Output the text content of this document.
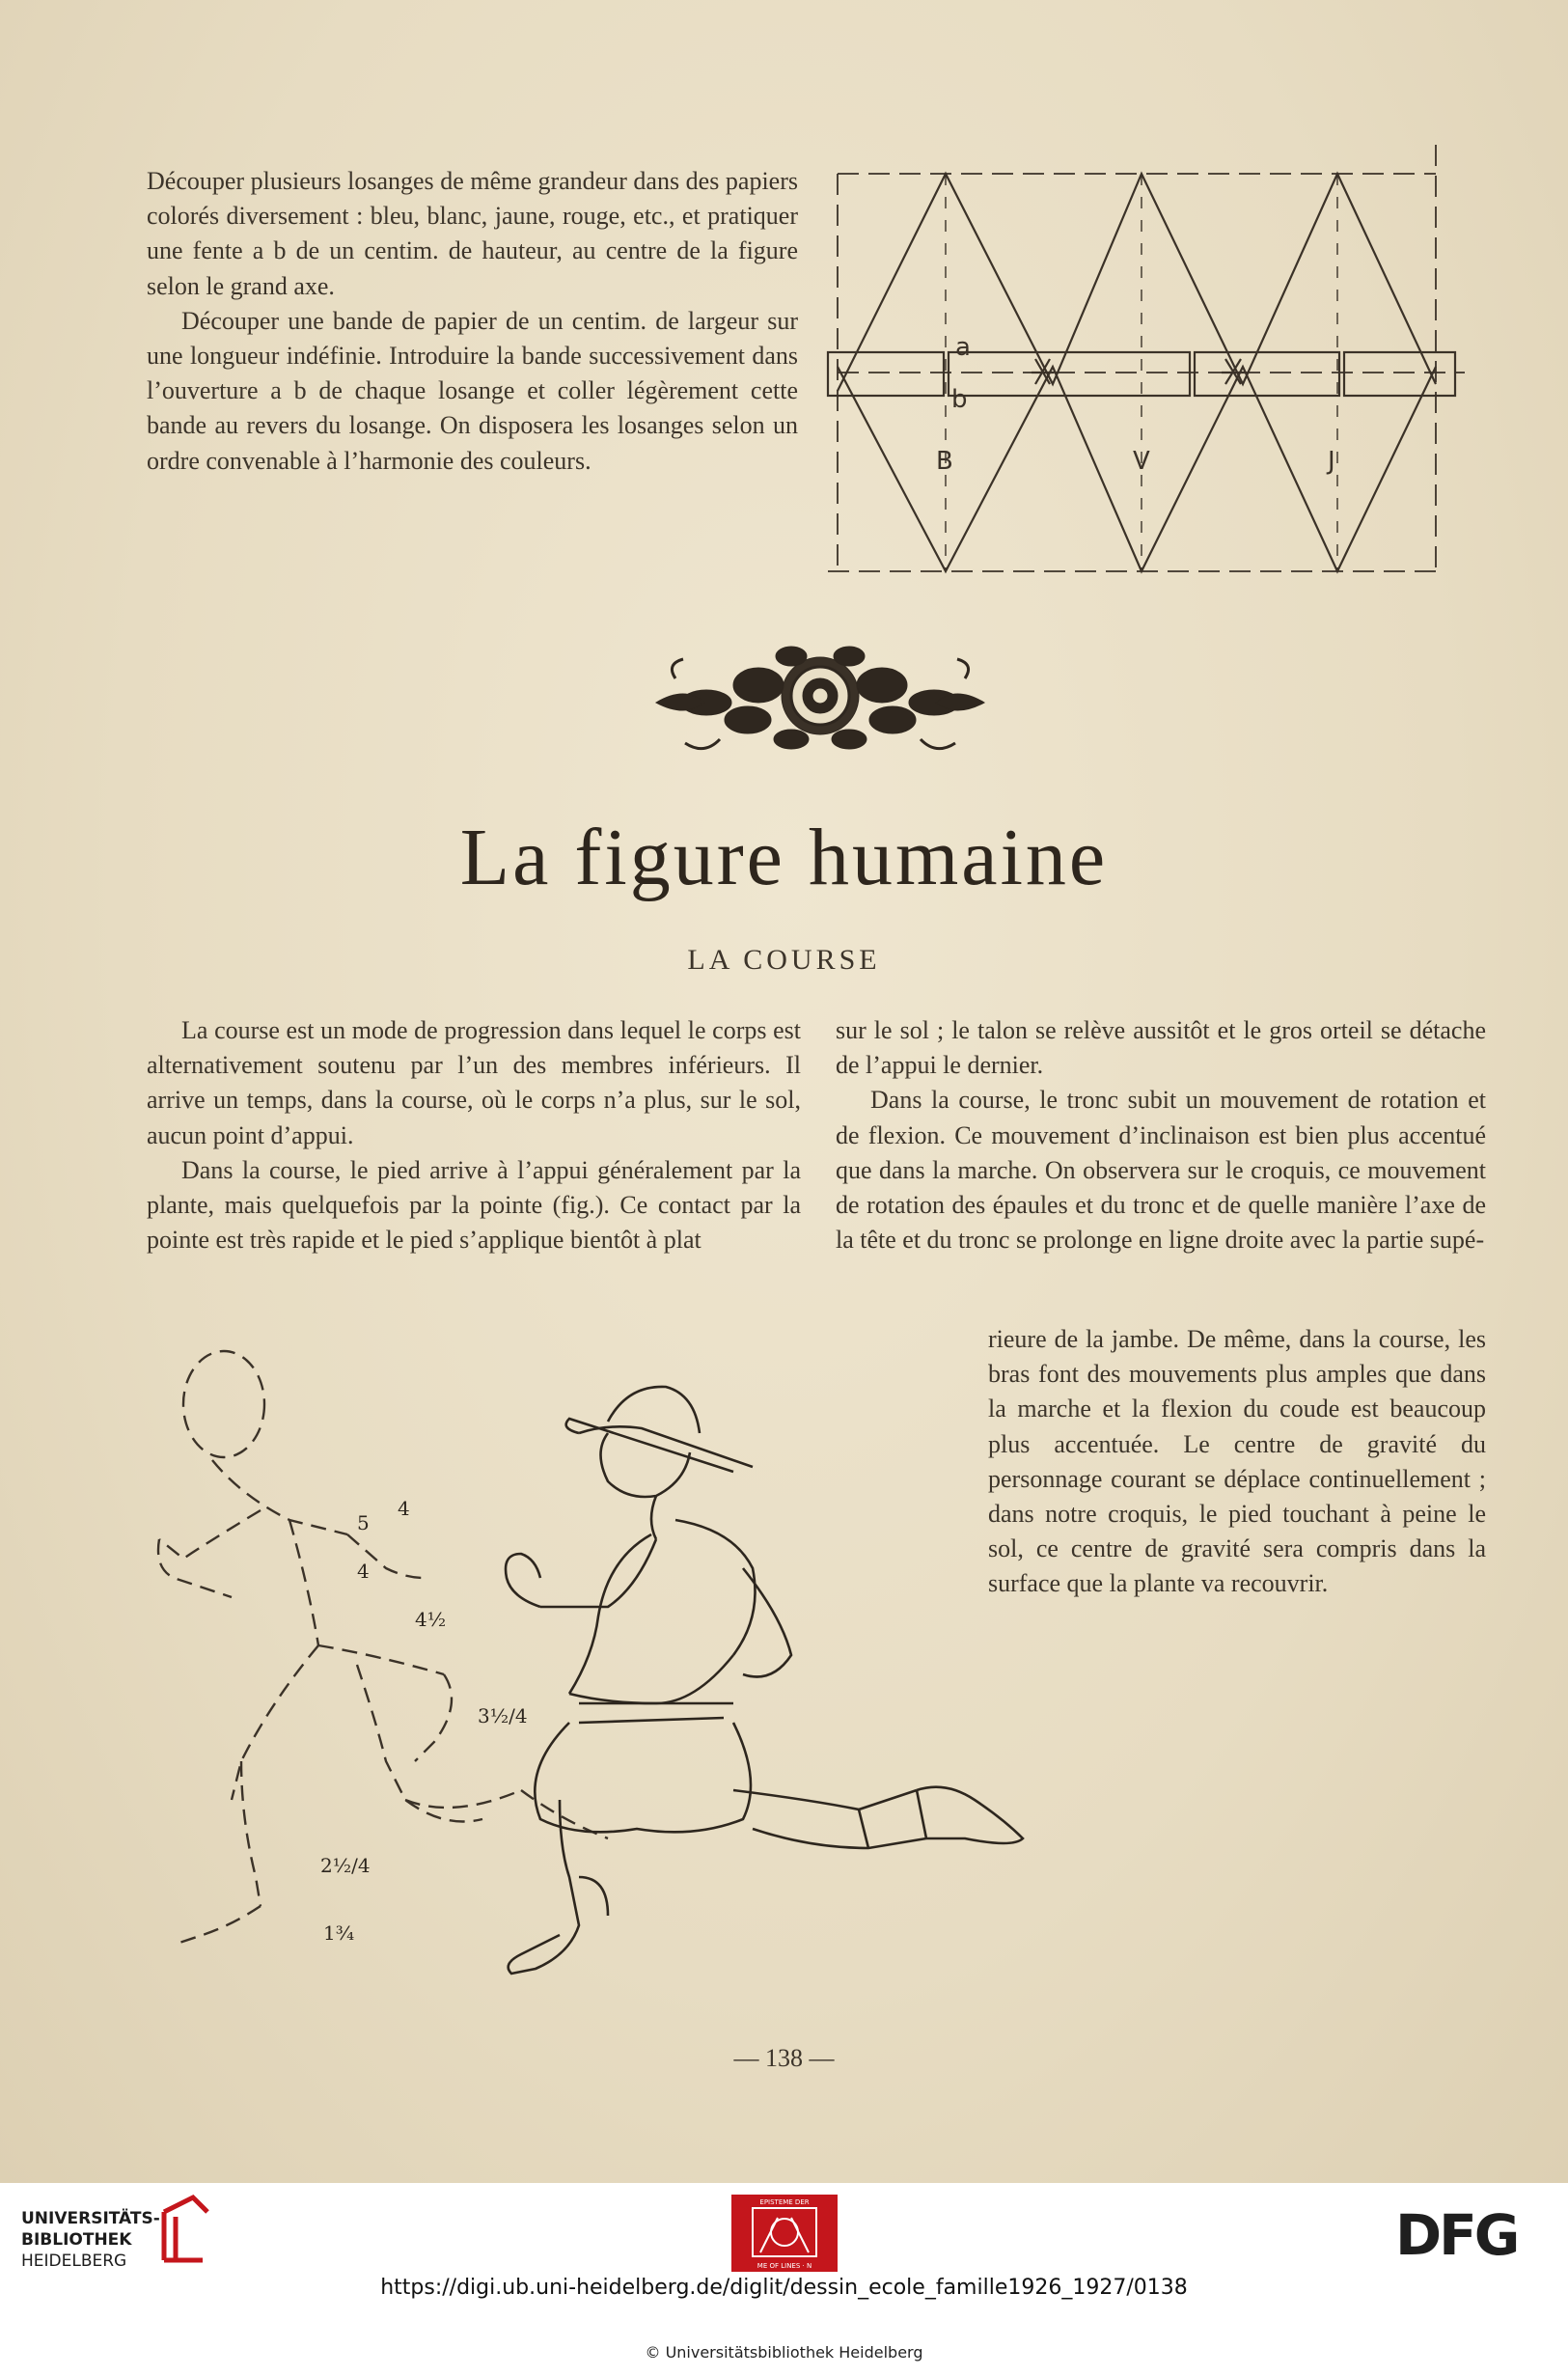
Découper plusieurs losanges de même grandeur dans des papiers colorés diversement : bleu, blanc, jaune, rouge, etc., et pratiquer une fente a b de un centim. de hauteur, au centre de la figure selon le grand axe.

Découper une bande de papier de un centim. de largeur sur une longueur indéfinie. Introduire la bande successivement dans l’ouverture a b de chaque losange et coller légèrement cette bande au revers du losange. On disposera les losanges selon un ordre convenable à l’harmonie des couleurs.

a
b
B	V	J
La figure humaine
LA COURSE

La course est un mode de progression dans lequel le corps est alternativement soutenu par l’un des membres inférieurs. Il arrive un temps, dans la course, où le corps n’a plus, sur le sol, aucun point d’appui.

Dans la course, le pied arrive à l’appui généralement par la plante, mais quelquefois par la pointe (fig.). Ce contact par la pointe est très rapide et le pied s’applique bientôt à plat

sur le sol ; le talon se relève aussitôt et le gros orteil se détache de l’appui le dernier.

Dans la course, le tronc subit un mouvement de rotation et de flexion. Ce mouvement d’inclinaison est bien plus accentué que dans la marche. On observera sur le croquis, ce mouvement de rotation des épaules et du tronc et de quelle manière l’axe de la tête et du tronc se prolonge en ligne droite avec la partie supé-

rieure de la jambe. De même, dans la course, les bras font des mouvements plus amples que dans la marche et la flexion du coude est beaucoup plus accentuée. Le centre de gravité du personnage courant se déplace continuellement ; dans notre croquis, le pied touchant à peine le sol, ce centre de gravité sera compris dans la surface que la plante va recouvrir.

5
4
4½
3½/4
2½/4
1¾
4
— 138 —
UNIVERSITÄTS-
BIBLIOTHEK
HEIDELBERG
EPISTEME DER
ME OF LINES · N	DFG
https://digi.ub.uni-heidelberg.de/diglit/dessin_ecole_famille1926_1927/0138
© Universitätsbibliothek Heidelberg
